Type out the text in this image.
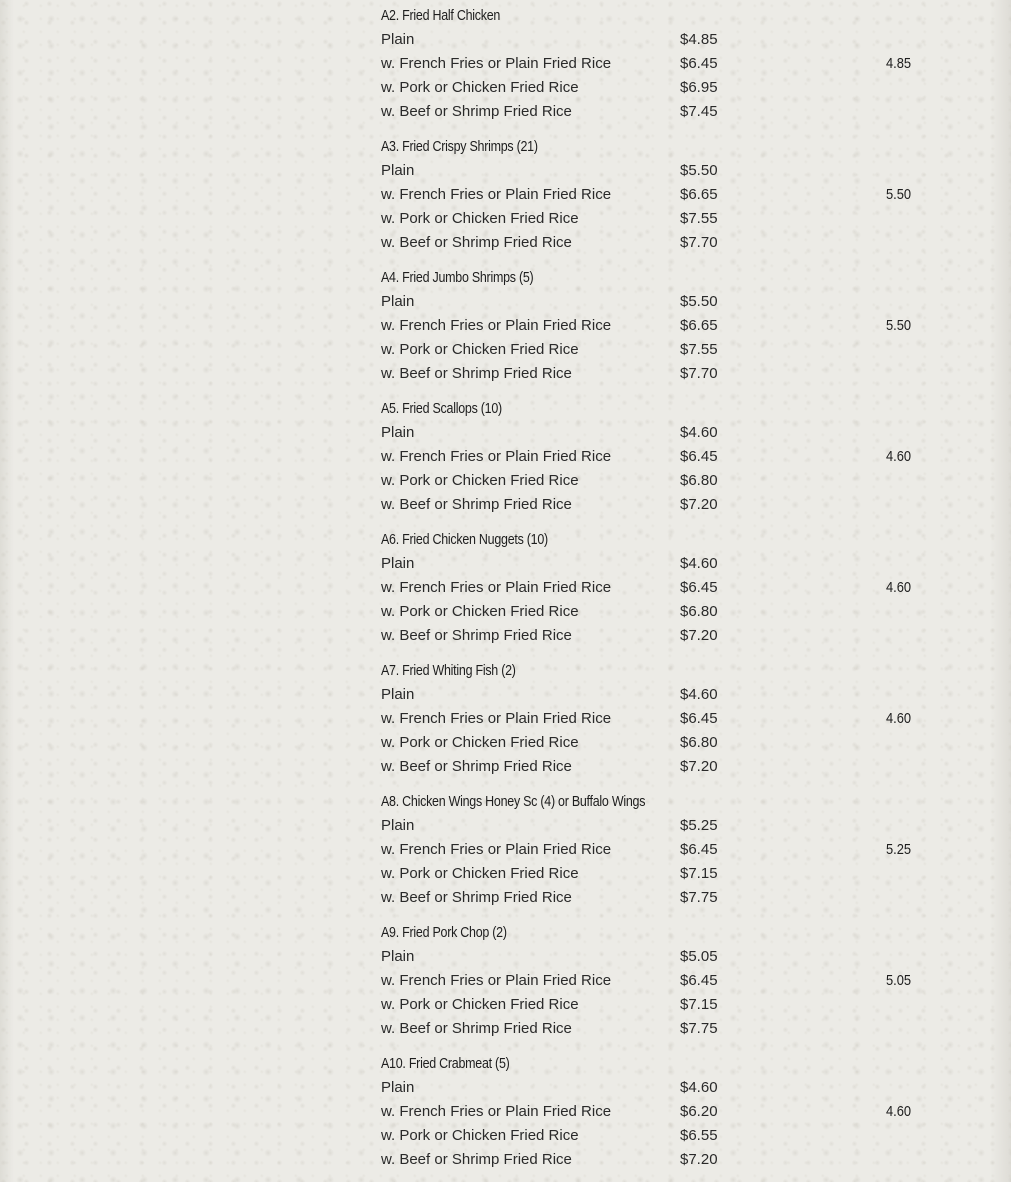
A2. Fried Half Chicken
Plain	$4.85
w. French Fries or Plain Fried Rice	$6.45
w. Pork or Chicken Fried Rice	$6.95
w. Beef or Shrimp Fried Rice	$7.45
4.85
A3. Fried Crispy Shrimps (21)
Plain	$5.50
w. French Fries or Plain Fried Rice	$6.65
w. Pork or Chicken Fried Rice	$7.55
w. Beef or Shrimp Fried Rice	$7.70
5.50
A4. Fried Jumbo Shrimps (5)
Plain	$5.50
w. French Fries or Plain Fried Rice	$6.65
w. Pork or Chicken Fried Rice	$7.55
w. Beef or Shrimp Fried Rice	$7.70
5.50
A5. Fried Scallops (10)
Plain	$4.60
w. French Fries or Plain Fried Rice	$6.45
w. Pork or Chicken Fried Rice	$6.80
w. Beef or Shrimp Fried Rice	$7.20
4.60
A6. Fried Chicken Nuggets (10)
Plain	$4.60
w. French Fries or Plain Fried Rice	$6.45
w. Pork or Chicken Fried Rice	$6.80
w. Beef or Shrimp Fried Rice	$7.20
4.60
A7. Fried Whiting Fish (2)
Plain	$4.60
w. French Fries or Plain Fried Rice	$6.45
w. Pork or Chicken Fried Rice	$6.80
w. Beef or Shrimp Fried Rice	$7.20
4.60
A8. Chicken Wings Honey Sc (4) or Buffalo Wings
Plain	$5.25
w. French Fries or Plain Fried Rice	$6.45
w. Pork or Chicken Fried Rice	$7.15
w. Beef or Shrimp Fried Rice	$7.75
5.25
A9. Fried Pork Chop (2)
Plain	$5.05
w. French Fries or Plain Fried Rice	$6.45
w. Pork or Chicken Fried Rice	$7.15
w. Beef or Shrimp Fried Rice	$7.75
5.05
A10. Fried Crabmeat (5)
Plain	$4.60
w. French Fries or Plain Fried Rice	$6.20
w. Pork or Chicken Fried Rice	$6.55
w. Beef or Shrimp Fried Rice	$7.20
4.60
